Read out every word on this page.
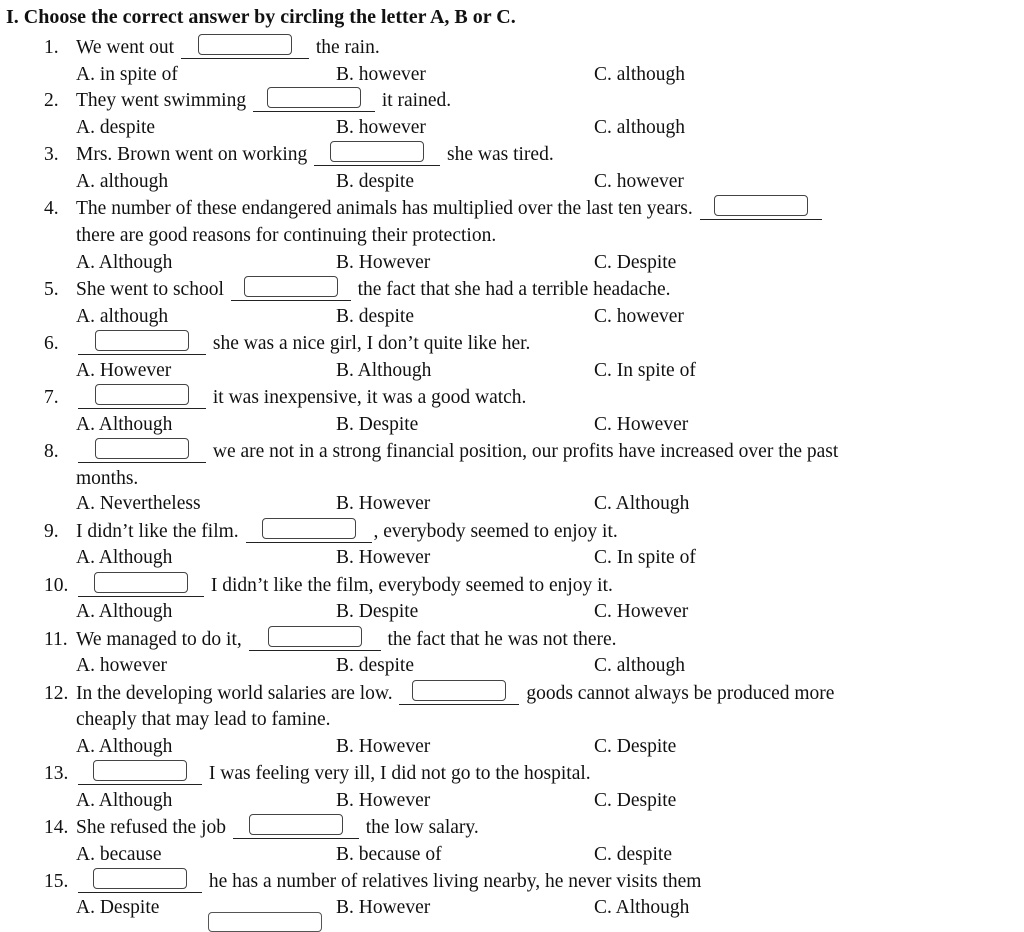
I. Choose the correct answer by circling the letter A, B or C.
1. We went out	the rain.
A. in spite of	B. however	C. although
2. They went swimming	it rained.
A. despite	B. however	C. although
3. Mrs. Brown went on working	she was tired.
A. although	B. despite	C. however
4. The number of these endangered animals has multiplied over the last ten years.
there are good reasons for continuing their protection.
A. Although	B. However	C. Despite
5. She went to school	the fact that she had a terrible headache.
A. although	B. despite	C. however
6.	she was a nice girl, I don’t quite like her.
A. However	B. Although	C. In spite of
7.	it was inexpensive, it was a good watch.
A. Although	B. Despite	C. However
8.	we are not in a strong financial position, our profits have increased over the past
months.
A. Nevertheless	B. However	C. Although
9. I didn’t like the film.	, everybody seemed to enjoy it.
A. Although	B. However	C. In spite of
10.	I didn’t like the film, everybody seemed to enjoy it.
A. Although	B. Despite	C. However
11. We managed to do it,	the fact that he was not there.
A. however	B. despite	C. although
12. In the developing world salaries are low.	goods cannot always be produced more
cheaply that may lead to famine.
A. Although	B. However	C. Despite
13.	I was feeling very ill, I did not go to the hospital.
A. Although	B. However	C. Despite
14. She refused the job	the low salary.
A. because	B. because of	C. despite
15.	he has a number of relatives living nearby, he never visits them
A. Despite	B. However	C. Although
